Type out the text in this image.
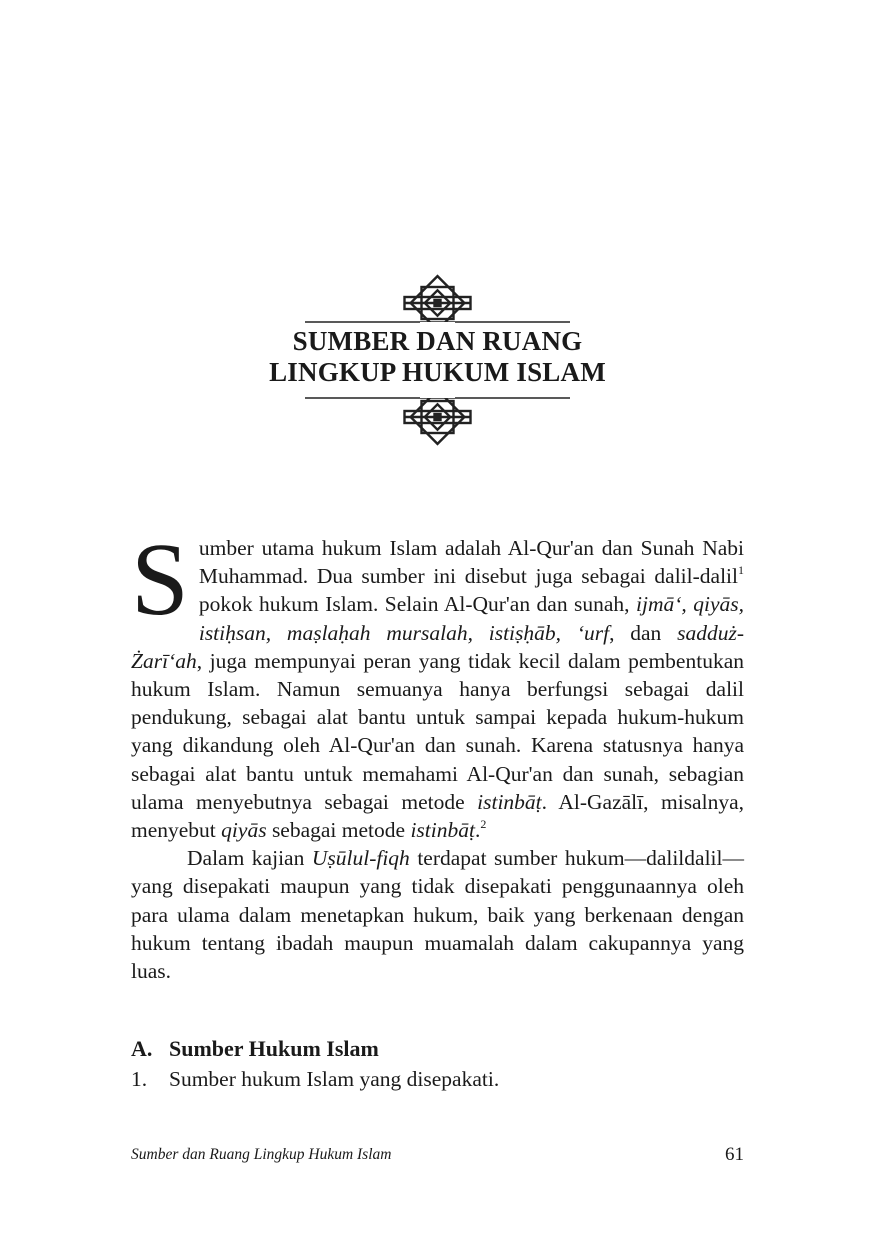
SUMBER DAN RUANG
LINGKUP HUKUM ISLAM

Sumber utama hukum Islam adalah Al-Qur'an dan Sunah Nabi Muhammad. Dua sumber ini disebut juga sebagai dalil-dalil$^1$ pokok hukum Islam. Selain Al-Qur'an dan sunah, ijmā‘, qiyās, istiḥsan, maṣlaḥah mursalah, istiṣḥāb, ‘urf, dan sadduż-Żarī‘ah, juga mempunyai peran yang tidak kecil dalam pembentukan hukum Islam. Namun semuanya hanya berfungsi sebagai dalil pendukung, sebagai alat bantu untuk sampai kepada hukum-hukum yang dikandung oleh Al-Qur'an dan sunah. Karena statusnya hanya sebagai alat bantu untuk memahami Al-Qur'an dan sunah, sebagian ulama menyebutnya sebagai metode istinbāṭ. Al-Gazālī, misalnya, menyebut qiyās sebagai metode istinbāṭ.$^2$

Dalam kajian Uṣūlul-fiqh terdapat sumber hukum—dalildalil—yang disepakati maupun yang tidak disepakati penggunaannya oleh para ulama dalam menetapkan hukum, baik yang berkenaan dengan hukum tentang ibadah maupun muamalah dalam cakupannya yang luas.

A. Sumber Hukum Islam
1. Sumber hukum Islam yang disepakati.
Sumber dan Ruang Lingkup Hukum Islam	61
